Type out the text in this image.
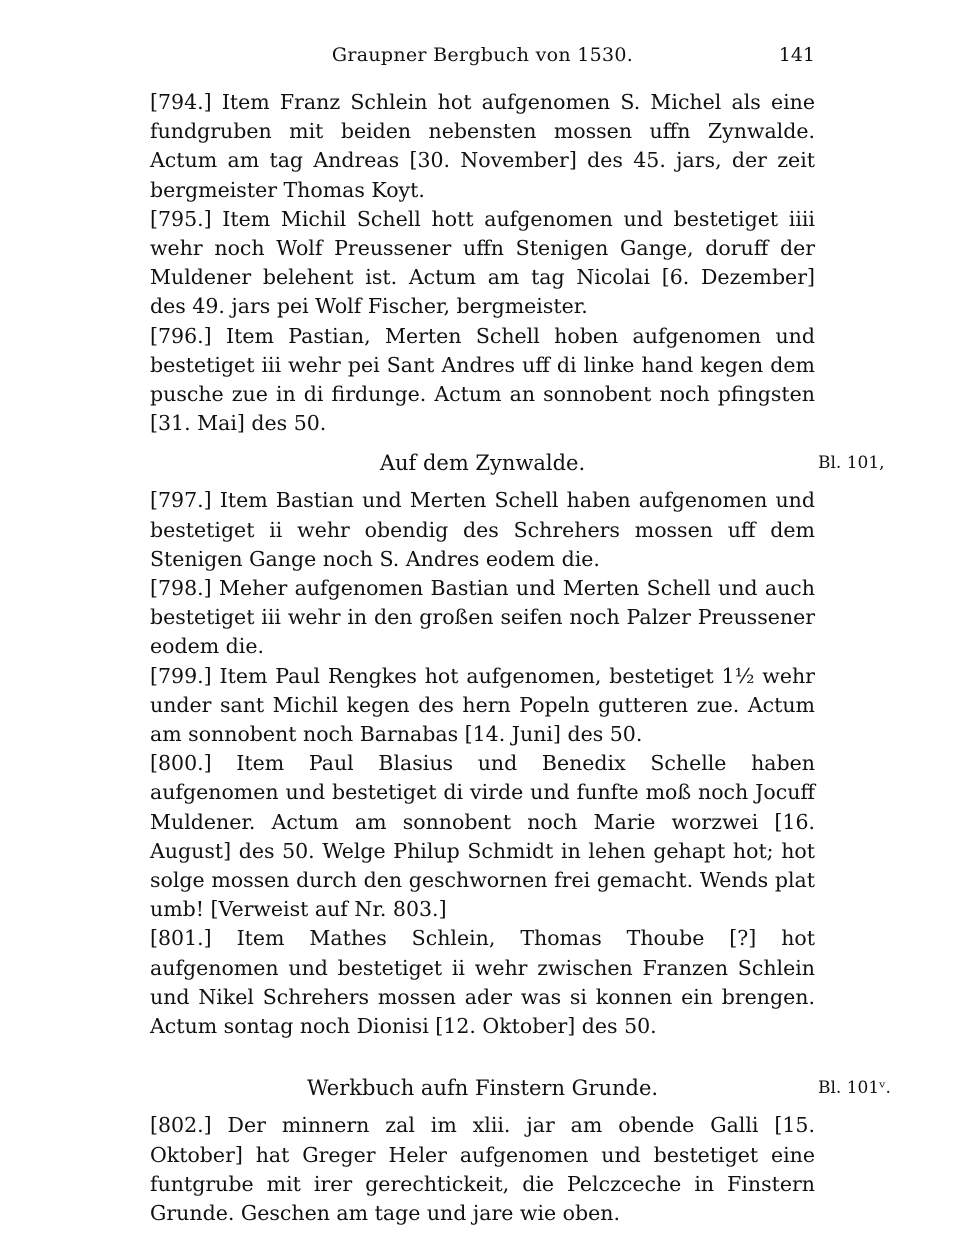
Graupner Bergbuch von 1530.	141

[794.] Item Franz Schlein hot aufgenomen S. Michel als eine fundgruben mit beiden nebensten mossen uffn Zynwalde. Actum am tag Andreas [30. November] des 45. jars, der zeit bergmeister Thomas Koyt.

[795.] Item Michil Schell hott aufgenomen und bestetiget iiii wehr noch Wolf Preussener uffn Stenigen Gange, doruff der Muldener belehent ist. Actum am tag Nicolai [6. Dezember] des 49. jars pei Wolf Fischer, bergmeister.

[796.] Item Pastian, Merten Schell hoben aufgenomen und bestetiget iii wehr pei Sant Andres uff di linke hand kegen dem pusche zue in di firdunge. Actum an sonnobent noch pfingsten [31. Mai] des 50.

Auf dem Zynwalde.	Bl. 101,

[797.] Item Bastian und Merten Schell haben aufgenomen und bestetiget ii wehr obendig des Schrehers mossen uff dem Stenigen Gange noch S. Andres eodem die.

[798.] Meher aufgenomen Bastian und Merten Schell und auch bestetiget iii wehr in den großen seifen noch Palzer Preussener eodem die.

[799.] Item Paul Rengkes hot aufgenomen, bestetiget 1½ wehr under sant Michil kegen des hern Popeln gutteren zue. Actum am sonnobent noch Barnabas [14. Juni] des 50.

[800.] Item Paul Blasius und Benedix Schelle haben aufgenomen und bestetiget di virde und funfte moß noch Jocuff Muldener. Actum am sonnobent noch Marie worzwei [16. August] des 50. Welge Philup Schmidt in lehen gehapt hot; hot solge mossen durch den geschwornen frei gemacht. Wends plat umb! [Verweist auf Nr. 803.]

[801.] Item Mathes Schlein, Thomas Thoube [?] hot aufgenomen und bestetiget ii wehr zwischen Franzen Schlein und Nikel Schrehers mossen ader was si konnen ein brengen. Actum sontag noch Dionisi [12. Oktober] des 50.

Werkbuch aufn Finstern Grunde.	Bl. 101ᵛ.

[802.] Der minnern zal im xlii. jar am obende Galli [15. Oktober] hat Greger Heler aufgenomen und bestetiget eine funtgrube mit irer gerechtickeit, die Pelczceche in Finstern Grunde. Geschen am tage und jare wie oben.
